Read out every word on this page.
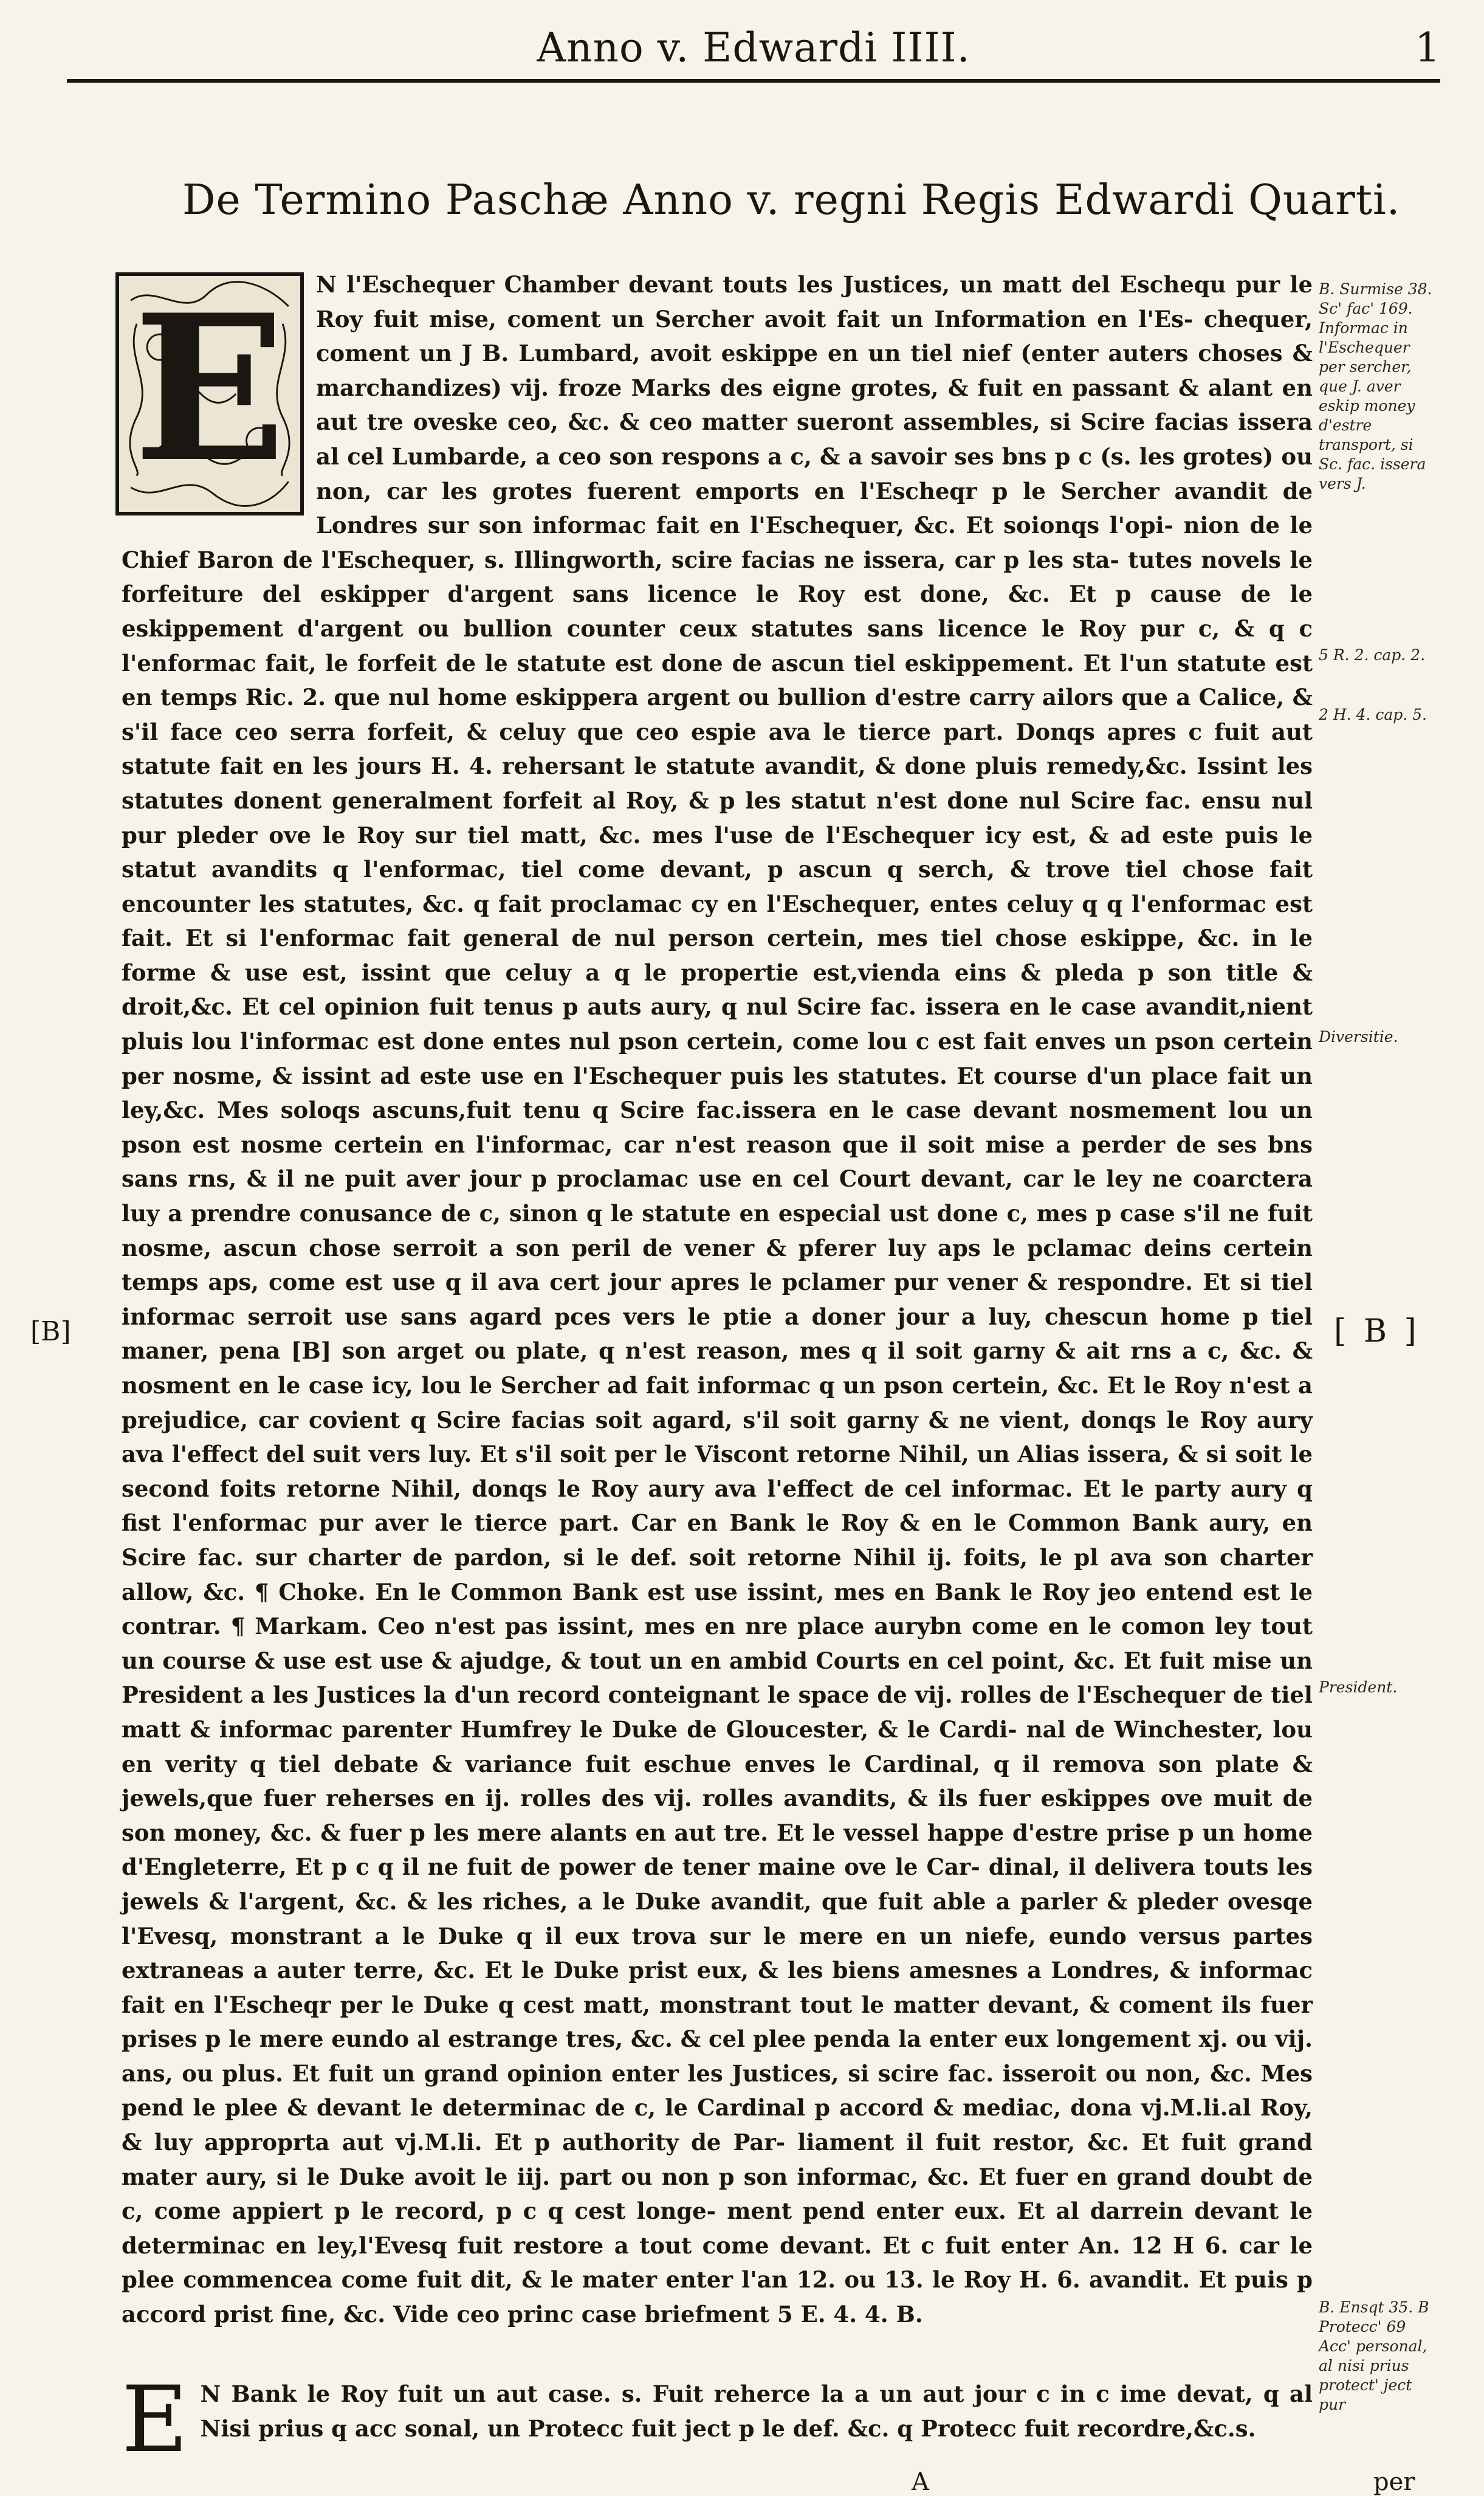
Anno v. Edwardi IIII.	1
De Termino Paschæ Anno v. regni Regis Edwardi Quarti.
E	N l'Eschequer Chamber devant touts les Justices, un matt del Eschequ pur le Roy fuit mise, coment un Sercher avoit fait un Information en l'Es- chequer, coment un J B. Lumbard, avoit eskippe en un tiel nief (enter auters choses & marchandizes) vij. froze Marks des eigne grotes, & fuit en passant & alant en aut tre oveske ceo, &c. & ceo matter sueront assembles, si Scire facias issera al cel Lumbarde, a ceo son respons a c, & a savoir ses bns p c (s. les grotes) ou non, car les grotes fuerent emports en l'Escheqr p le Sercher avandit de Londres sur son informac fait en l'Eschequer, &c. Et soionqs l'opi- nion de le Chief Baron de l'Eschequer, s. Illingworth, scire facias ne issera, car p les sta- tutes novels le forfeiture del eskipper d'argent sans licence le Roy est done, &c. Et p cause de le eskippement d'argent ou bullion counter ceux statutes sans licence le Roy pur c, & q c l'enformac fait, le forfeit de le statute est done de ascun tiel eskippement. Et l'un statute est en temps Ric. 2. que nul home eskippera argent ou bullion d'estre carry ailors que a Calice, & s'il face ceo serra forfeit, & celuy que ceo espie ava le tierce part. Donqs apres c fuit aut statute fait en les jours H. 4. rehersant le statute avandit, & done pluis remedy,&c. Issint les statutes donent generalment forfeit al Roy, & p les statut n'est done nul Scire fac. ensu nul pur pleder ove le Roy sur tiel matt, &c. mes l'use de l'Eschequer icy est, & ad este puis le statut avandits q l'enformac, tiel come devant, p ascun q serch, & trove tiel chose fait encounter les statutes, &c. q fait proclamac cy en l'Eschequer, entes celuy q q l'enformac est fait. Et si l'enformac fait general de nul person certein, mes tiel chose eskippe, &c. in le forme & use est, issint que celuy a q le propertie est,vienda eins & pleda p son title & droit,&c. Et cel opinion fuit tenus p auts aury, q nul Scire fac. issera en le case avandit,nient pluis lou l'informac est done entes nul pson certein, come lou c est fait enves un pson certein per nosme, & issint ad este use en l'Eschequer puis les statutes. Et course d'un place fait un ley,&c. Mes soloqs ascuns,fuit tenu q Scire fac.issera en le case devant nosmement lou un pson est nosme certein en l'informac, car n'est reason que il soit mise a perder de ses bns sans rns, & il ne puit aver jour p proclamac use en cel Court devant, car le ley ne coarctera luy a prendre conusance de c, sinon q le statute en especial ust done c, mes p case s'il ne fuit nosme, ascun chose serroit a son peril de vener & pferer luy aps le pclamac deins certein temps aps, come est use q il ava cert jour apres le pclamer pur vener & respondre. Et si tiel informac serroit use sans agard pces vers le ptie a doner jour a luy, chescun home p tiel maner, pena [B] son arget ou plate, q n'est reason, mes q il soit garny & ait rns a c, &c. & nosment en le case icy, lou le Sercher ad fait informac q un pson certein, &c. Et le Roy n'est a prejudice, car covient q Scire facias soit agard, s'il soit garny & ne vient, donqs le Roy aury ava l'effect del suit vers luy. Et s'il soit per le Viscont retorne Nihil, un Alias issera, & si soit le second foits retorne Nihil, donqs le Roy aury ava l'effect de cel informac. Et le party aury q fist l'enformac pur aver le tierce part. Car en Bank le Roy & en le Common Bank aury, en Scire fac. sur charter de pardon, si le def. soit retorne Nihil ij. foits, le pl ava son charter allow, &c. ¶ Choke. En le Common Bank est use issint, mes en Bank le Roy jeo entend est le contrar. ¶ Markam. Ceo n'est pas issint, mes en nre place aurybn come en le comon ley tout un course & use est use & ajudge, & tout un en ambid Courts en cel point, &c. Et fuit mise un President a les Justices la d'un record conteignant le space de vij. rolles de l'Eschequer de tiel matt & informac parenter Humfrey le Duke de Gloucester, & le Cardi- nal de Winchester, lou en verity q tiel debate & variance fuit eschue enves le Cardinal, q il remova son plate & jewels,que fuer reherses en ij. rolles des vij. rolles avandits, & ils fuer eskippes ove muit de son money, &c. & fuer p les mere alants en aut tre. Et le vessel happe d'estre prise p un home d'Engleterre, Et p c q il ne fuit de power de tener maine ove le Car- dinal, il delivera touts les jewels & l'argent, &c. & les riches, a le Duke avandit, que fuit able a parler & pleder ovesqe l'Evesq, monstrant a le Duke q il eux trova sur le mere en un niefe, eundo versus partes extraneas a auter terre, &c. Et le Duke prist eux, & les biens amesnes a Londres, & informac fait en l'Escheqr per le Duke q cest matt, monstrant tout le matter devant, & coment ils fuer prises p le mere eundo al estrange tres, &c. & cel plee penda la enter eux longement xj. ou vij. ans, ou plus. Et fuit un grand opinion enter les Justices, si scire fac. isseroit ou non, &c. Mes pend le plee & devant le determinac de c, le Cardinal p accord & mediac, dona vj.M.li.al Roy, & luy approprta aut vj.M.li. Et p authority de Par- liament il fuit restor, &c. Et fuit grand mater aury, si le Duke avoit le iij. part ou non p son informac, &c. Et fuer en grand doubt de c, come appiert p le record, p c q cest longe- ment pend enter eux. Et al darrein devant le determinac en ley,l'Evesq fuit restore a tout come devant. Et c fuit enter An. 12 H 6. car le plee commencea come fuit dit, & le mater enter l'an 12. ou 13. le Roy H. 6. avandit. Et puis p accord prist fine, &c. Vide ceo prinс case briefment 5 E. 4. 4. B.

E N Bank le Roy fuit un aut case. s. Fuit reherce la a un aut jour c in c ime devat, q al Nisi prius q acc sonal, un Protecc fuit ject p le def. &c. q Protecc fuit recordre,&c.s.

B. Surmise 38. Sc' fac' 169. Informac in l'Eschequer per sercher, que J. aver eskip money d'estre transport, si Sc. fac. issera vers J.
5 R. 2. cap. 2.
2 H. 4. cap. 5.
Diversitie.
President.
B. Ensqt 35. B Protecc' 69 Acc' personal, al nisi prius protect' ject pur
[B]	[ B ]
A	per
